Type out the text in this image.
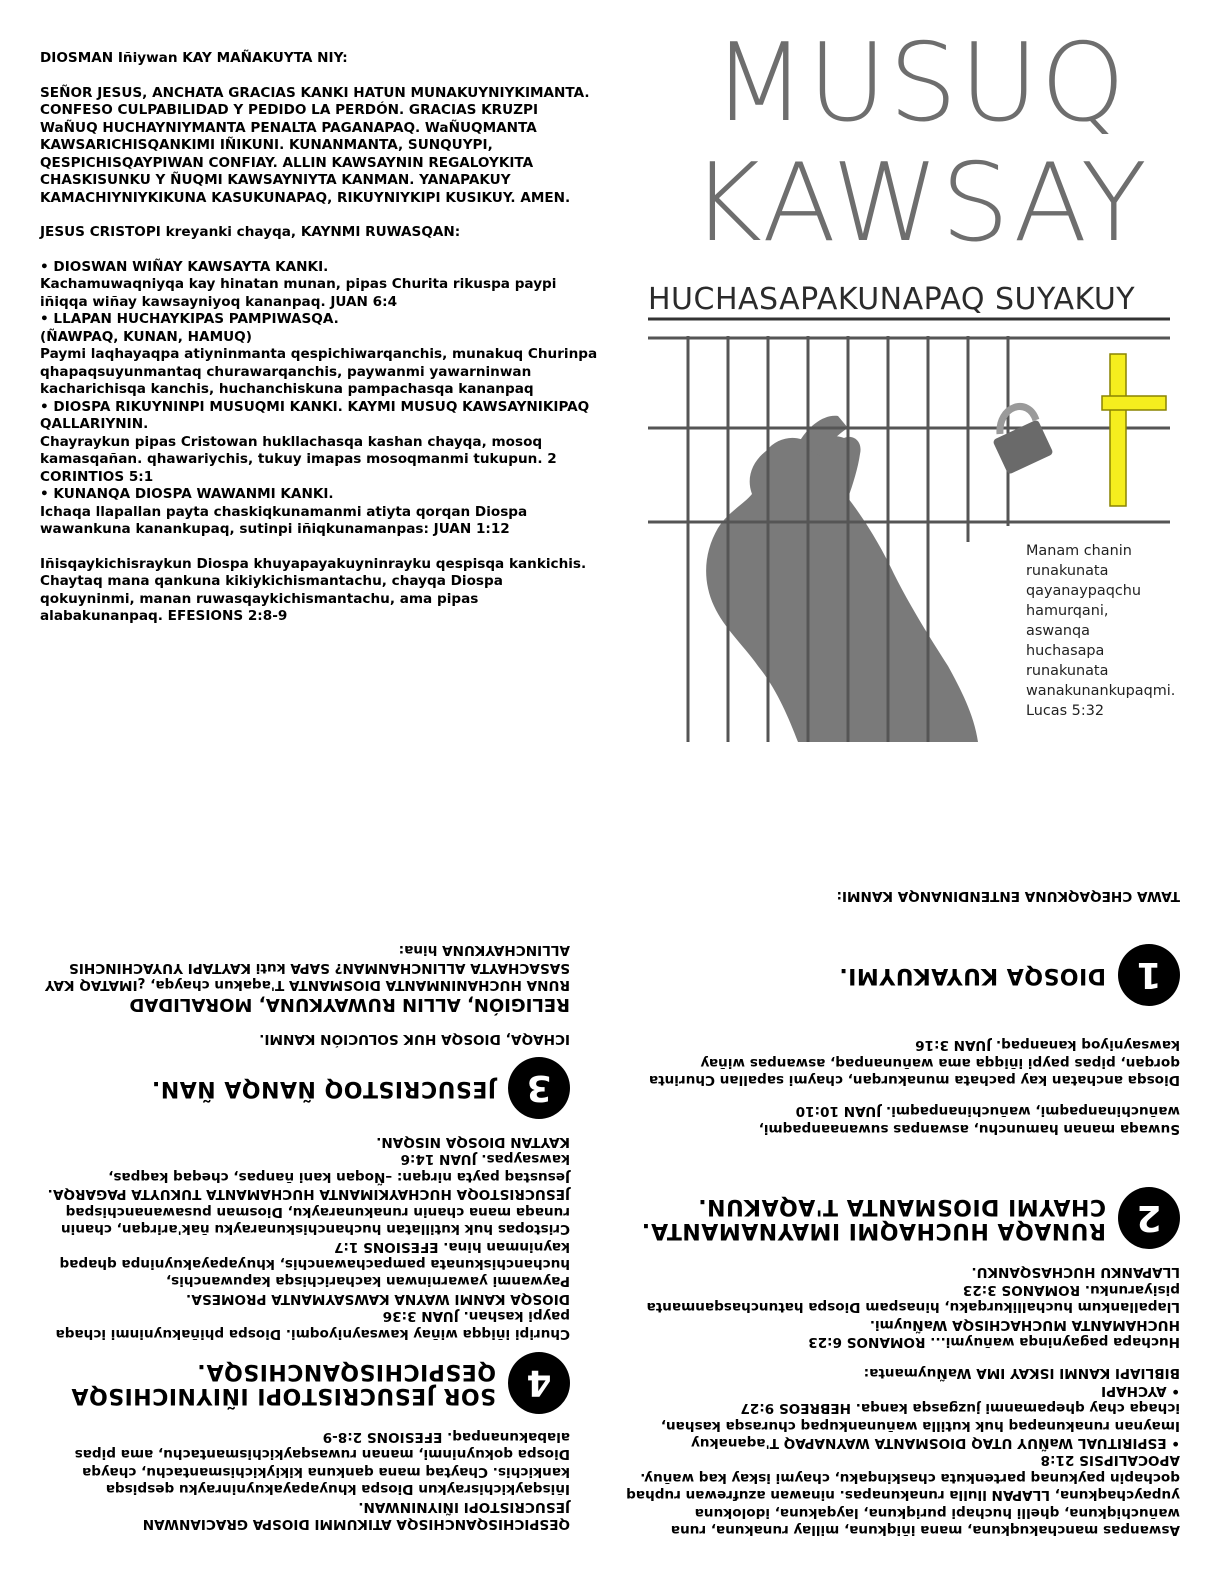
DIOSMAN Iñiywan KAY MAÑAKUYTA NIY:

SEÑOR JESUS, ANCHATA GRACIAS KANKI HATUN MUNAKUYNIYKIMANTA. CONFESO CULPABILIDAD Y PEDIDO LA PERDÓN. GRACIAS KRUZPI WaÑUQ HUCHAYNIYMANTA PENALTA PAGANAPAQ. WaÑUQMANTA KAWSARICHISQANKIMI IÑIKUNI. KUNANMANTA, SUNQUYPI, QESPICHISQAYPIWAN CONFIAY. ALLIN KAWSAYNIN REGALOYKITA CHASKISUNKU Y ÑUQMI KAWSAYNIYTA KANMAN. YANAPAKUY KAMACHIYNIYKIKUNA KASUKUNAPAQ, RIKUYNIYKIPI KUSIKUY. AMEN.

JESUS CRISTOPI kreyanki chayqa, KAYNMI RUWASQAN:

• DIOSWAN WIÑAY KAWSAYTA KANKI.

Kachamuwaqniyqa kay hinatan munan, pipas Churita rikuspa paypi iñiqqa wiñay kawsayniyoq kananpaq. JUAN 6:4

• LLAPAN HUCHAYKIPAS PAMPIWASQA.
(ÑAWPAQ, KUNAN, HAMUQ)

Paymi laqhayaqpa atiyninmanta qespichiwarqanchis, munakuq Churinpa qhapaqsuyunmantaq churawarqanchis, paywanmi yawarninwan kacharichisqa kanchis, huchanchiskuna pampachasqa kananpaq

• DIOSPA RIKUYNINPI MUSUQMI KANKI. KAYMI MUSUQ KAWSAYNIKIPAQ QALLARIYNIN.

Chayraykun pipas Cristowan hukllachasqa kashan chayqa, mosoq kamasqañan. qhawariychis, tukuy imapas mosoqmanmi tukupun. 2 CORINTIOS 5:1

• KUNANQA DIOSPA WAWANMI KANKI.

Ichaqa llapallan payta chaskiqkunamanmi atiyta qorqan Diospa wawankuna kanankupaq, sutinpi iñiqkunamanpas: JUAN 1:12

Iñisqaykichisraykun Diospa khuyapayakuyninrayku qespisqa kankichis. Chaytaq mana qankuna kikiykichismantachu, chayqa Diospa qokuyninmi, manan ruwasqaykichismantachu, ama pipas alabakunanpaq. EFESIONS 2:8-9

MUSUQ
KAWSAY
HUCHASAPAKUNAPAQ SUYAKUY

Manam chanin

runakunata

qayanaypaqchu

hamurqani,

aswanqa

huchasapa

runakunata

wanakunankupaqmi.

Lucas 5:32

QESPICHISQANCHISQA ATIKUMMI DIOSPA GRACIANWAN JESUCRISTOPI IÑIYNINWAN.

Iñisqaykichisraykun Diospa khuyapayakuyninrayku qespisqa kankichis. Chaytaq mana qankuna kikiykichismantachu, chayqa Diospa qokuyninmi, manan ruwasqaykichismantachu, ama pipas alabakunanpaq. EFESIONS 2:8-9

4
SOR JESUCRISTOPI IÑIYNICHISQA QESPICHISQANCHISQA.

Churipi iñiqqa wiñay kawsayniyoqmi. Diospa phiñakuyninmi ichaqa paypi kashan. JUAN 3:36

DIOSQA KANMI WAYNA KAWSAYMANTA PROMESA.

Paywanmi yawarninwan kacharichisqa kapuwanchis, huchanchiskunata pampachawanchis, khuyapayakuyninpa qhapaq kayninman hina. EFESIONS 1:7

Cristopas huk kutillatan huchanchiskunarayku ñak'arirqan, chanin runaqa mana chanin runakunarayku, Diosman pusawananchispaq

JESUCRISTOQA HUCHAYKIMANTA HUCHAMANTA TUKUYTA PAGARQA.

Jesustaq payta nirqan: –Ñoqan kani ñanpas, cheqaq kaqpas, kawsaypas. JUAN 14:6

KAYTAN DIOSQA NISQAN.

3
JESUCRISTOQ ÑANQA ÑAN.

ICHAQA, DIOSQA HUK SOLUCIÓN KANMI.

RELIGIÓN, ALLIN RUWAYKUNA, MORALIDAD

RUNA HUCHANINMANTA DIOSMANTA T'aqakun chayqa, ¿IMATAQ KAY SASACHAYTA ALLINCHANMAN? SAPA kuti KAYTAPI YUYACHINCHIS ALLINCHAYKUNA hina:

Aswanpas manchakuqkuna, mana iñiqkuna, millay runakuna, runa wañuchiqkuna, qhelli huchapi puriqkuna, layqakuna, idolokuna yupaychaqkuna, LLAPAN llulla runakunapas. ninawan azufrewan ruphaq qochapin paykunaq partenkuta chaskinqaku, chaymi iskay kaq wañuy. APOCALIPSIS 21:8

• ESPIRITUAL WaÑUY UTAQ DIOSMANTA WAYNAPAQ T'aqanakuy

Imaynan runakunapaq huk kutilla wañunankupaq churasqa kashan, ichaqa chay qhepamanmi juzgasqa kanqa. HEBREOS 9:27

• AYCHAPI

BIBLIAPI KANMI ISKAY IMA WaÑuymanta:

Huchapa pagayninqa wañuymi... ROMANOS 6:23

HUCHAMANTA MUCHACHISQA WaÑuymi.

Llapallankum huchallikurqaku, hinaspam Diospa hatunchasqanmanta pisiyarunku. ROMANOS 3:23

LLAPANKU HUCHASQANKU.

2
RUNAQA HUCHAQMI IMAYNAMANTA. CHAYMI DIOSMANTA T'AQAKUN.

Suwaqa manan hamunchu, aswanpas suwanaanpaqmi, wañuchinanpaqmi, wañuchinanpaqmi. JUAN 10:10

Diosqa anchatan kay pachata munakurqan, chaymi sapallan Churinta qorqan, pipas paypi iñiqqa ama wañunanpaq, aswanpas wiñay kawsayniyoq kananpaq. JUAN 3:16

1
DIOSQA KUYAKUYMI.

TAWA CHEQAQKUNA ENTENDINANQA KANMI:
